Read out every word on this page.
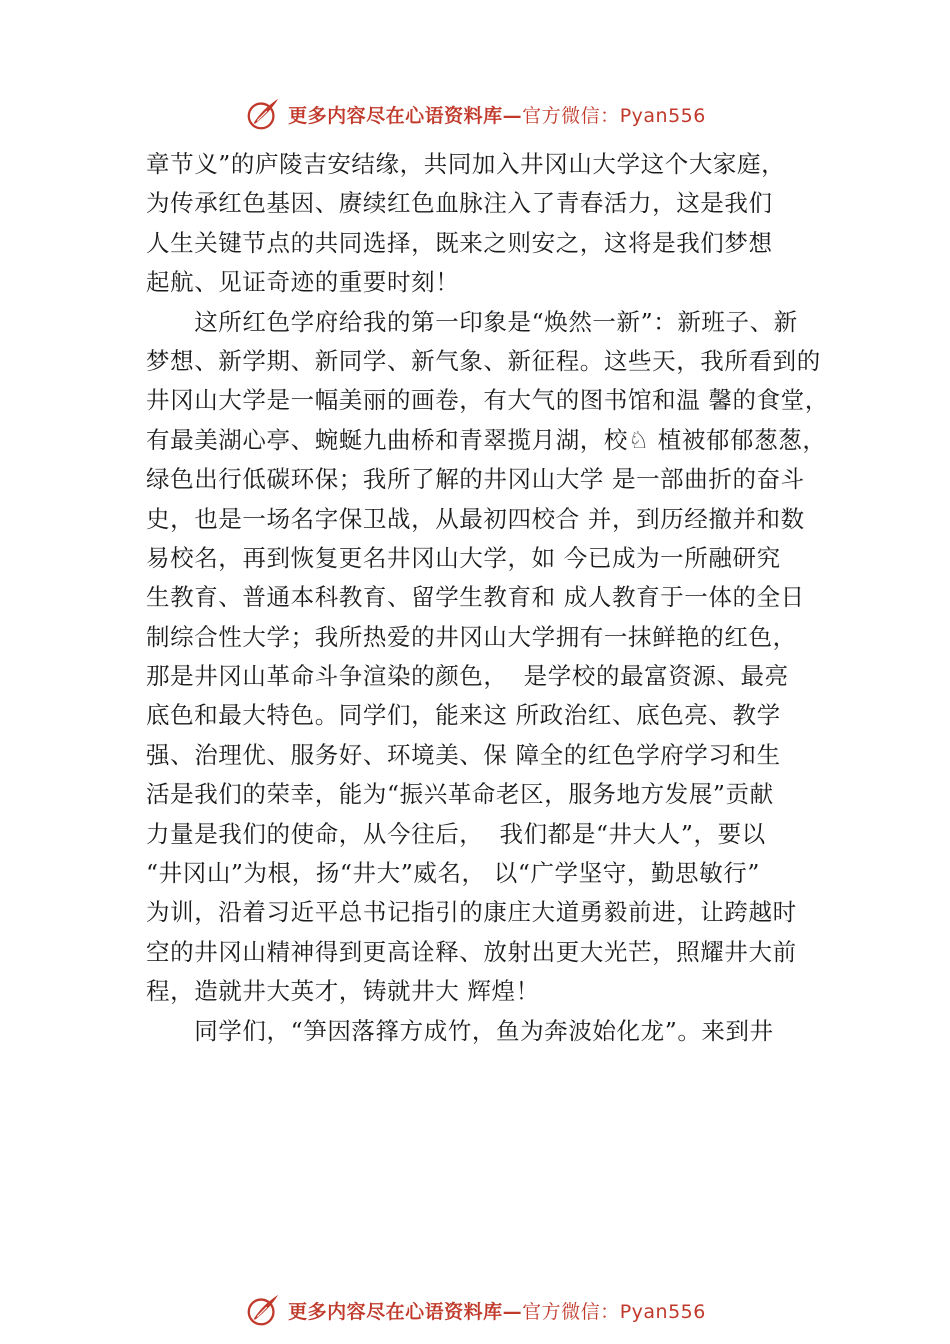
更多内容尽在心语资料库—官方微信：Pyan556
章节义”的庐陵吉安结缘，共同加入井冈山大学这个大家庭，
为传承红色基因、赓续红色血脉注入了青春活力，这是我们
人生关键节点的共同选择，既来之则安之，这将是我们梦想
起航、见证奇迹的重要时刻！
　　这所红色学府给我的第一印象是“焕然一新”：新班子、新
梦想、新学期、新同学、新气象、新征程。这些天，我所看到的
井冈山大学是一幅美丽的画卷，有大气的图书馆和温 馨的食堂，
有最美湖心亭、蜿蜒九曲桥和青翠揽月湖，校♘ 植被郁郁葱葱，
绿色出行低碳环保；我所了解的井冈山大学 是一部曲折的奋斗
史，也是一场名字保卫战，从最初四校合 并，到历经撤并和数
易校名，再到恢复更名井冈山大学，如 今已成为一所融研究
生教育、普通本科教育、留学生教育和 成人教育于一体的全日
制综合性大学；我所热爱的井冈山大学拥有一抹鲜艳的红色，
那是井冈山革命斗争渲染的颜色，  是学校的最富资源、最亮
底色和最大特色。同学们，能来这 所政治红、底色亮、教学
强、治理优、服务好、环境美、保 障全的红色学府学习和生
活是我们的荣幸，能为“振兴革命老区，服务地方发展”贡献
力量是我们的使命，从今往后，  我们都是“井大人”，要以
“井冈山”为根，扬“井大”威名， 以“广学坚守，勤思敏行”
为训，沿着习近平总书记指引的康庄大道勇毅前进，让跨越时
空的井冈山精神得到更高诠释、放射出更大光芒，照耀井大前
程，造就井大英才，铸就井大 辉煌！
　　同学们，“笋因落箨方成竹，鱼为奔波始化龙”。来到井
更多内容尽在心语资料库—官方微信：Pyan556
